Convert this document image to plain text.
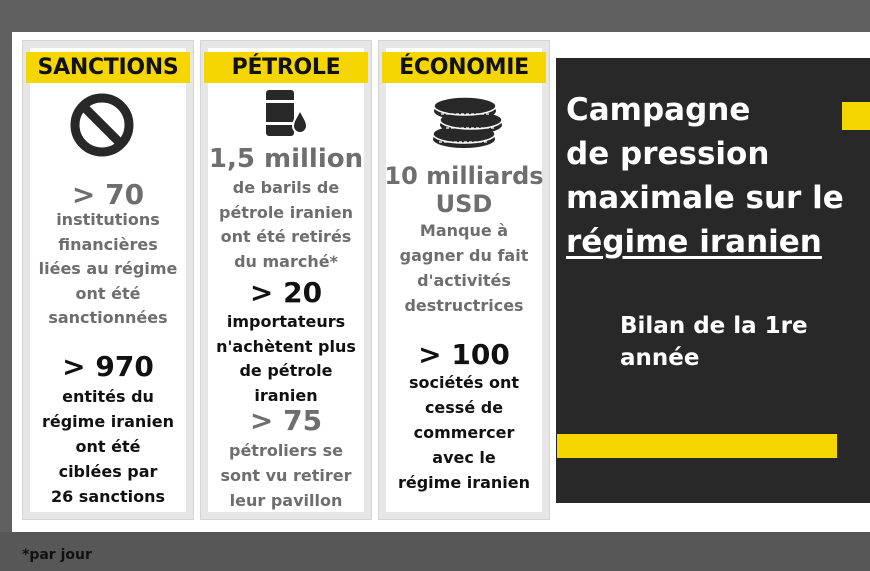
SANCTIONS
> 70
institutions
financières
liées au régime
ont été
sanctionnées
> 970
entités du
régime iranien
ont été
ciblées par
26 sanctions
PÉTROLE
1,5 million
de barils de
pétrole iranien
ont été retirés
du marché*
> 20
importateurs
n'achètent plus
de pétrole
iranien
> 75
pétroliers se
sont vu retirer
leur pavillon
ÉCONOMIE
10 milliards
USD
Manque à
gagner du fait
d'activités
destructrices
> 100
sociétés ont
cessé de
commercer
avec le
régime iranien
Campagne
de pression
maximale sur le
régime iranien
Bilan de la 1re
année
*par jour
